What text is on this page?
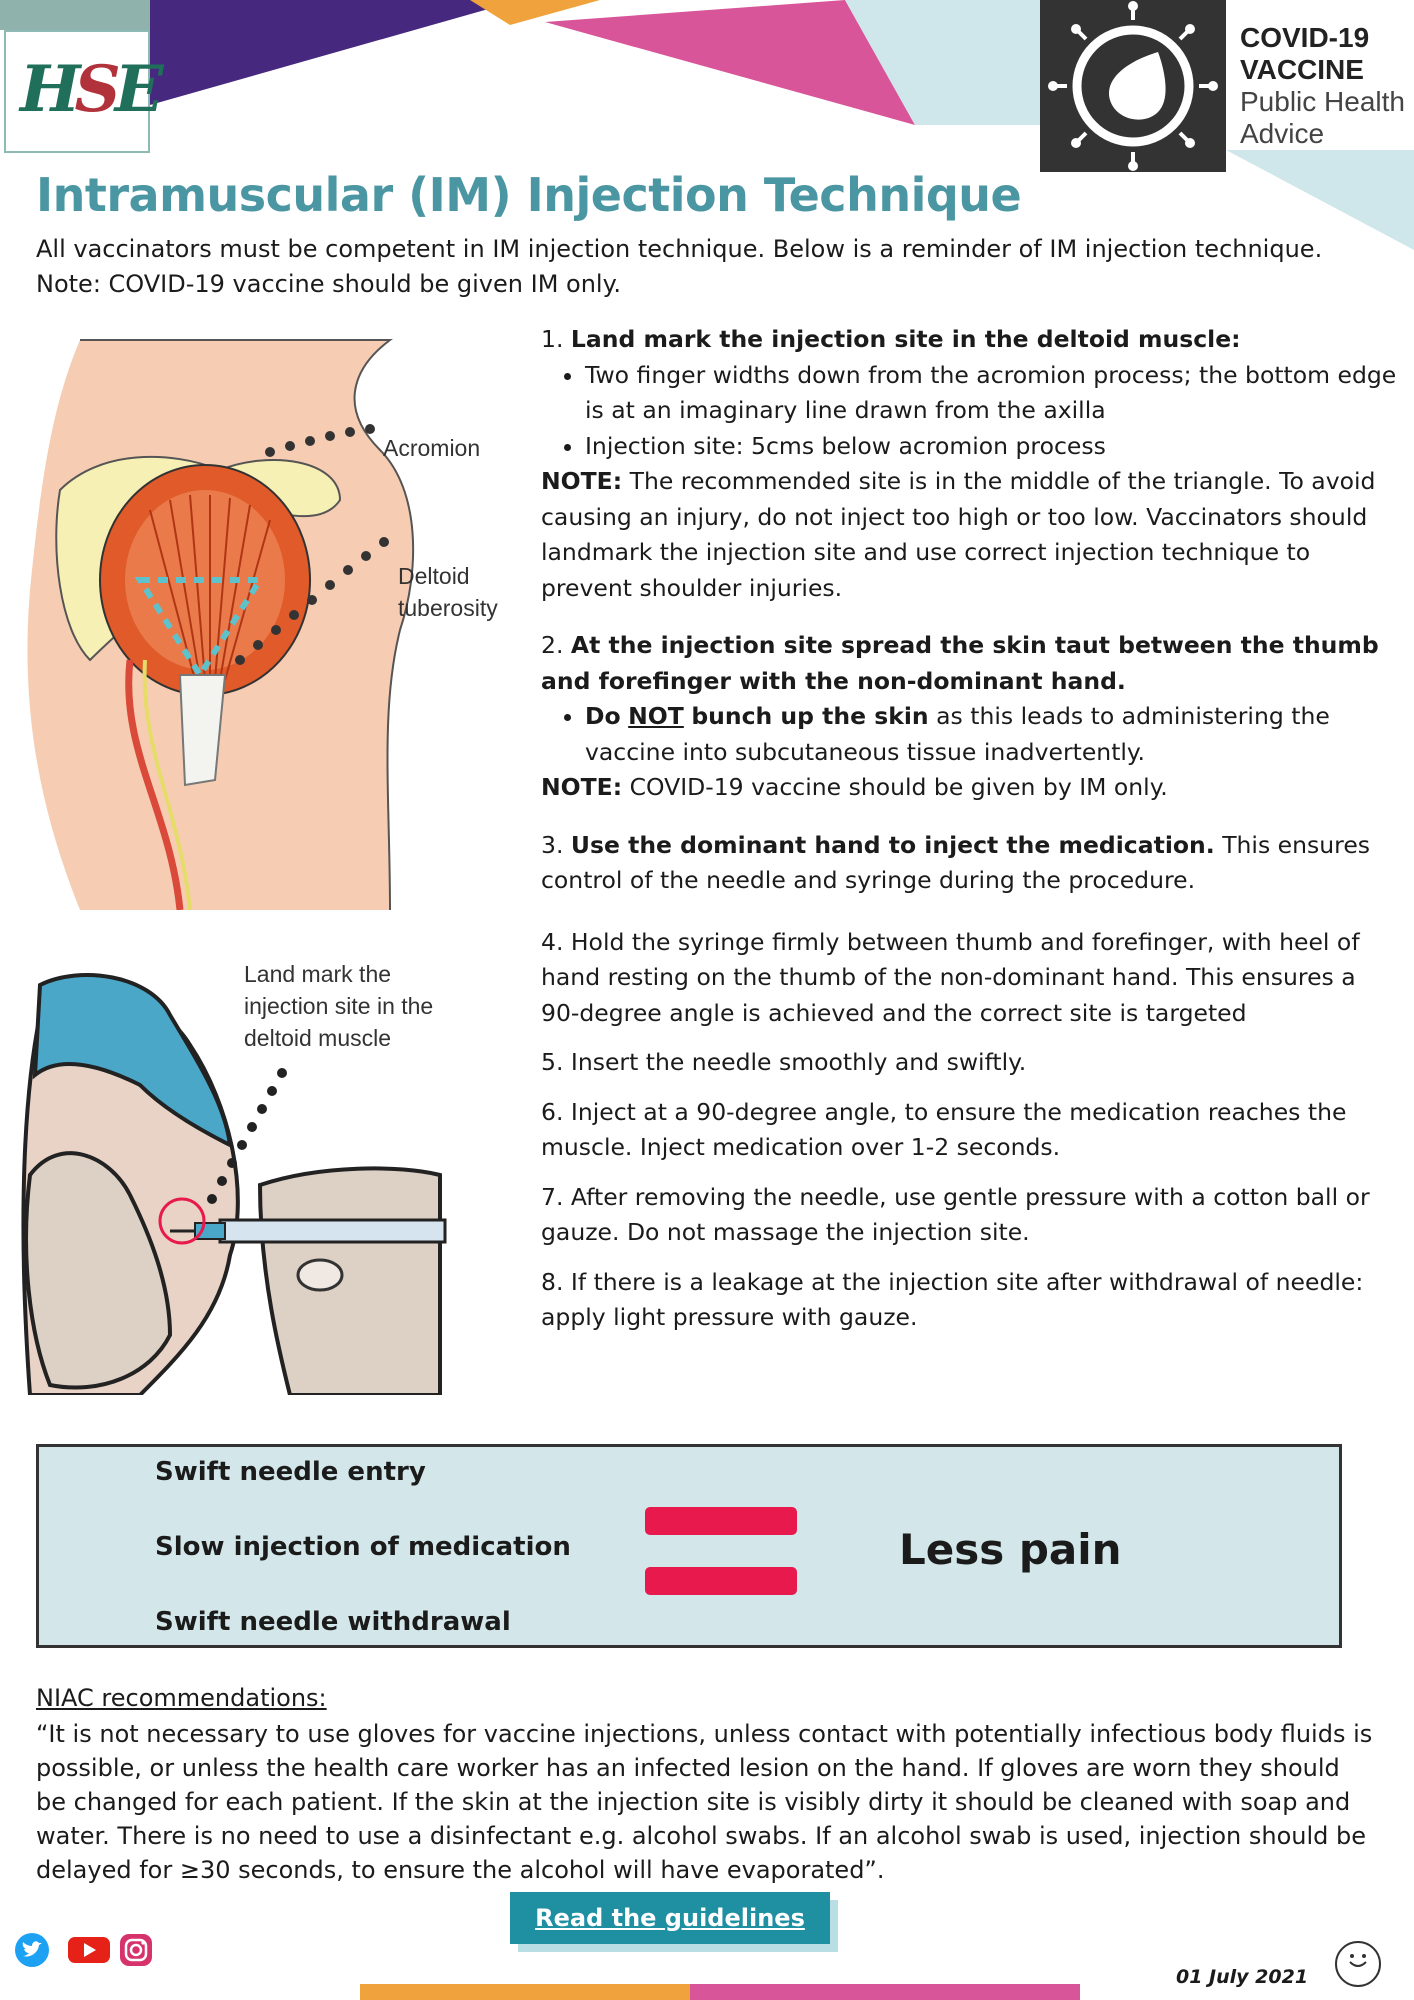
HSE
COVID-19
VACCINE
Public Health
Advice
Intramuscular (IM) Injection Technique
All vaccinators must be competent in IM injection technique. Below is a reminder of IM injection technique.
Note: COVID-19 vaccine should be given IM only.
Acromion
Deltoid
tuberosity
Land mark the
injection site in the
deltoid muscle

1. Land mark the injection site in the deltoid muscle:

• Two finger widths down from the acromion process; the bottom edge is at an imaginary line drawn from the axilla
• Injection site: 5cms below acromion process

NOTE: The recommended site is in the middle of the triangle. To avoid causing an injury, do not inject too high or too low. Vaccinators should landmark the injection site and use correct injection technique to prevent shoulder injuries.

2. At the injection site spread the skin taut between the thumb and forefinger with the non-dominant hand.

• Do NOT bunch up the skin as this leads to administering the vaccine into subcutaneous tissue inadvertently.

NOTE: COVID-19 vaccine should be given by IM only.

3. Use the dominant hand to inject the medication. This ensures control of the needle and syringe during the procedure.

4. Hold the syringe firmly between thumb and forefinger, with heel of hand resting on the thumb of the non-dominant hand. This ensures a 90-degree angle is achieved and the correct site is targeted

5. Insert the needle smoothly and swiftly.

6. Inject at a 90-degree angle, to ensure the medication reaches the muscle. Inject medication over 1-2 seconds.

7. After removing the needle, use gentle pressure with a cotton ball or gauze. Do not massage the injection site.

8. If there is a leakage at the injection site after withdrawal of needle: apply light pressure with gauze.

Swift needle entry
Slow injection of medication
Swift needle withdrawal
Less pain
NIAC recommendations:
“It is not necessary to use gloves for vaccine injections, unless contact with potentially infectious body fluids is possible, or unless the health care worker has an infected lesion on the hand. If gloves are worn they should be changed for each patient. If the skin at the injection site is visibly dirty it should be cleaned with soap and water. There is no need to use a disinfectant e.g. alcohol swabs. If an alcohol swab is used, injection should be delayed for ≥30 seconds, to ensure the alcohol will have evaporated”.
Read the guidelines
www.immunisation.ie	01 July 2021
